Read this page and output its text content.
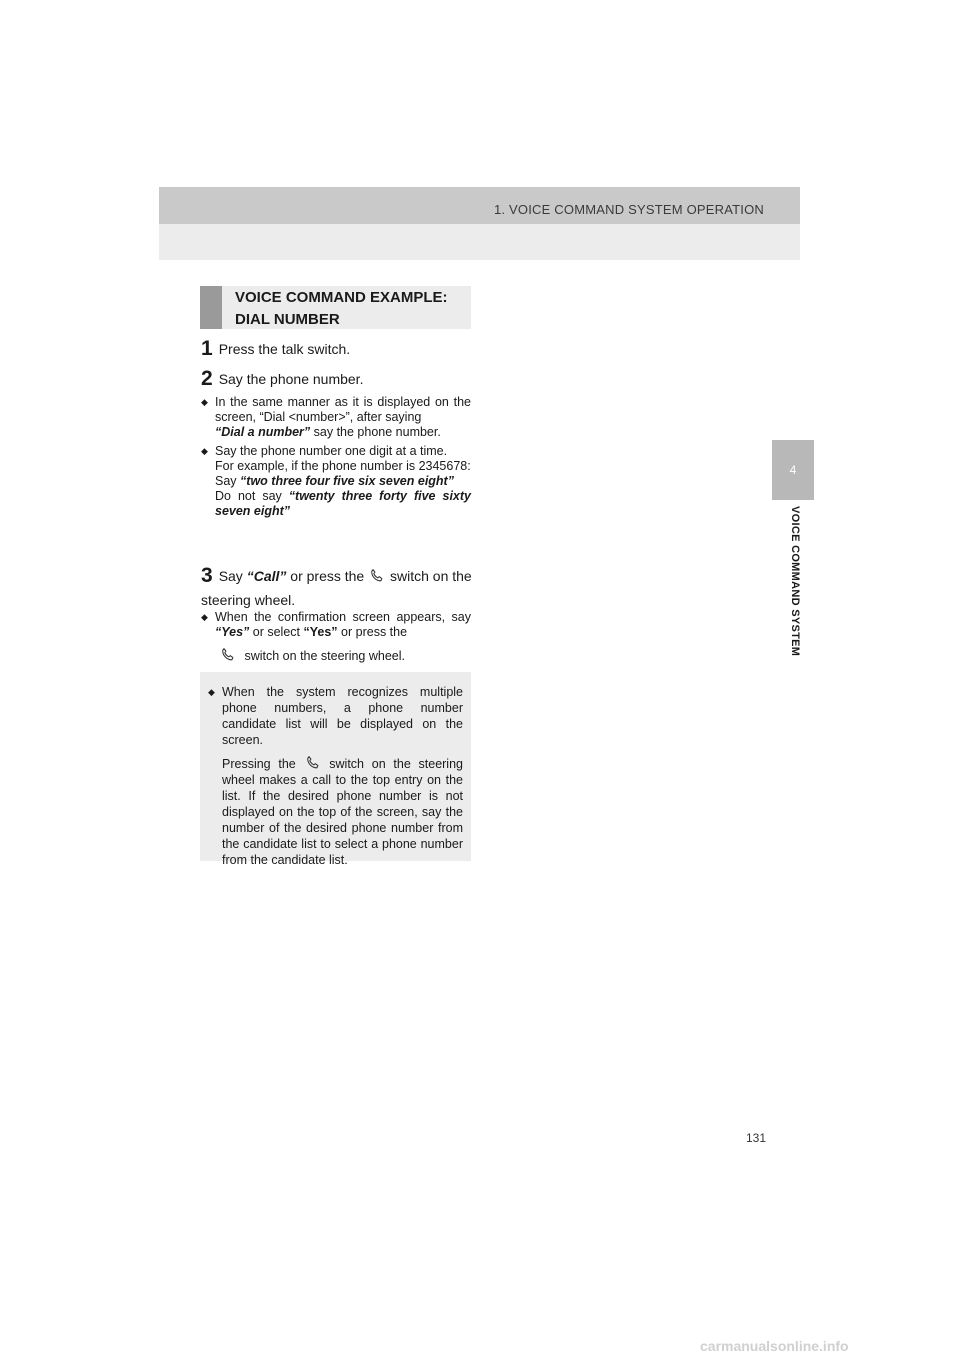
1. VOICE COMMAND SYSTEM OPERATION
4
VOICE COMMAND SYSTEM
VOICE COMMAND EXAMPLE:
DIAL NUMBER
1 Press the talk switch.
2 Say the phone number.
◆ In the same manner as it is displayed on the screen, “Dial <number>”, after saying
“Dial a number” say the phone number.
◆ Say the phone number one digit at a time.
For example, if the phone number is 2345678:
Say “two three four five six seven eight”
Do not say “twenty three forty five sixty seven eight”
3 Say “Call” or press the switch on the steering wheel.
◆ When the confirmation screen appears, say “Yes” or select “Yes” or press the
switch on the steering wheel.
◆ When the system recognizes multiple phone numbers, a phone number candidate list will be displayed on the screen.
Pressing the	switch on the steering wheel makes a call to the top entry on the list. If the desired phone number is not displayed on the top of the screen, say the number of the desired phone number from the candidate list to select a phone number from the candidate list.
131
carmanualsonline.info
